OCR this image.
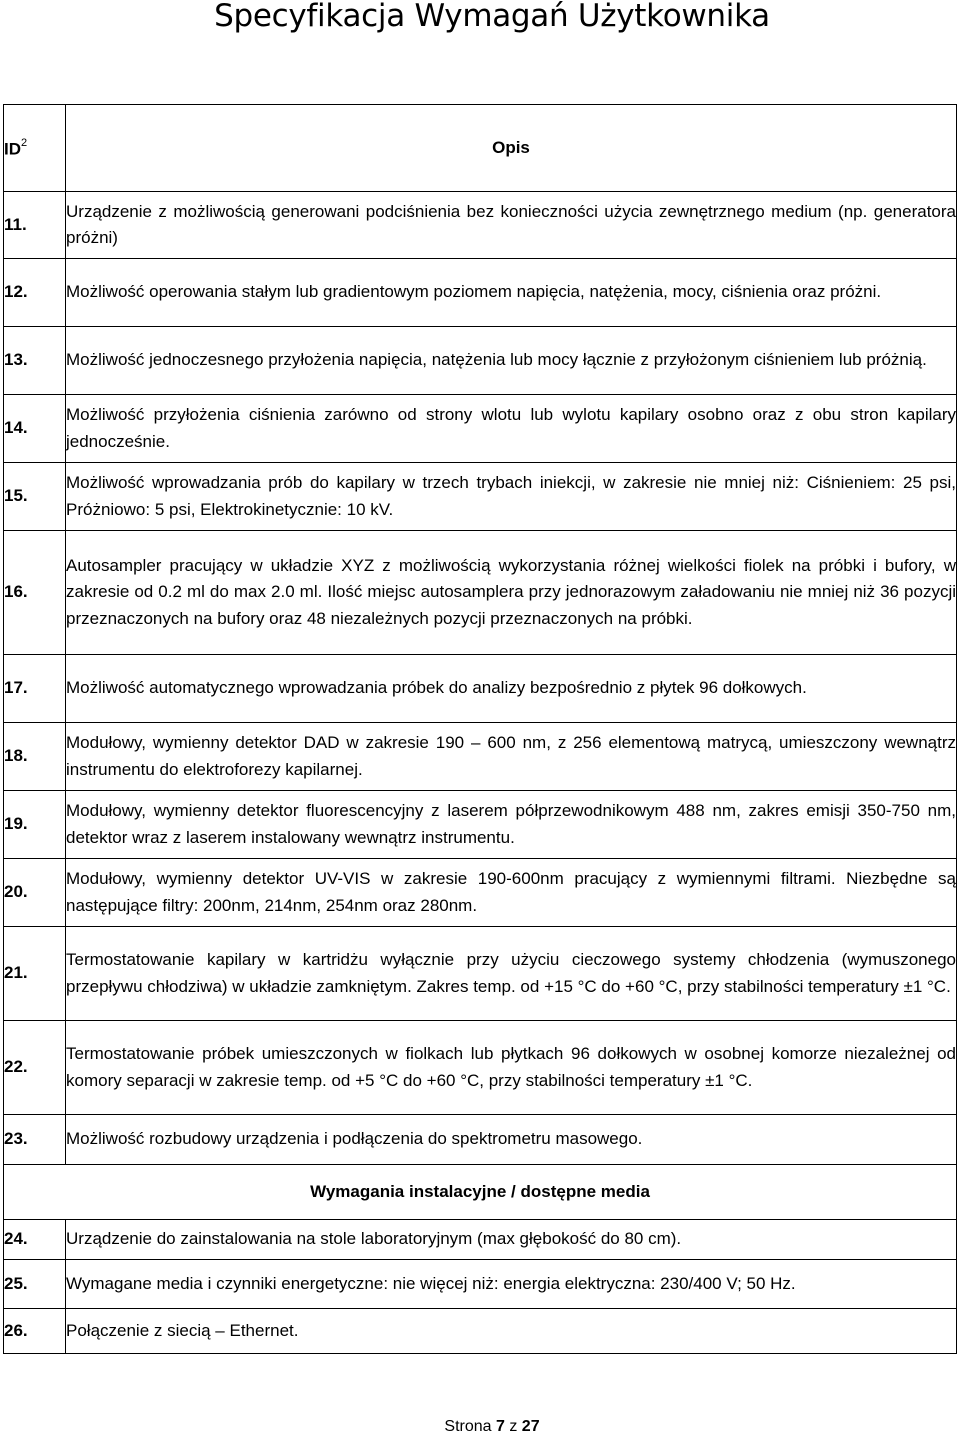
Specyfikacja Wymagań Użytkownika
$ID^2$	Opis
11.	Urządzenie z możliwością generowani podciśnienia bez konieczności użycia zewnętrznego medium (np. generatora próżni)
12.	Możliwość operowania stałym lub gradientowym poziomem napięcia, natężenia, mocy, ciśnienia oraz próżni.
13.	Możliwość jednoczesnego przyłożenia napięcia, natężenia lub mocy łącznie z przyłożonym ciśnieniem lub próżnią.
14.	Możliwość przyłożenia ciśnienia zarówno od strony wlotu lub wylotu kapilary osobno oraz z obu stron kapilary jednocześnie.
15.	Możliwość wprowadzania prób do kapilary w trzech trybach iniekcji, w zakresie nie mniej niż: Ciśnieniem: 25 psi, Próżniowo: 5 psi, Elektrokinetycznie: 10 kV.
16.	Autosampler pracujący w układzie XYZ z możliwością wykorzystania różnej wielkości fiolek na próbki i bufory, w zakresie od 0.2 ml do max 2.0 ml. Ilość miejsc autosamplera przy jednorazowym załadowaniu nie mniej niż 36 pozycji przeznaczonych na bufory oraz 48 niezależnych pozycji przeznaczonych na próbki.
17.	Możliwość automatycznego wprowadzania próbek do analizy bezpośrednio z płytek 96 dołkowych.
18.	Modułowy, wymienny detektor DAD w zakresie 190 – 600 nm, z 256 elementową matrycą, umieszczony wewnątrz instrumentu do elektroforezy kapilarnej.
19.	Modułowy, wymienny detektor fluorescencyjny z laserem półprzewodnikowym 488 nm, zakres emisji 350-750 nm, detektor wraz z laserem instalowany wewnątrz instrumentu.
20.	Modułowy, wymienny detektor UV-VIS w zakresie 190-600nm pracujący z wymiennymi filtrami. Niezbędne są następujące filtry: 200nm, 214nm, 254nm oraz 280nm.
21.	Termostatowanie kapilary w kartridżu wyłącznie przy użyciu cieczowego systemy chłodzenia (wymuszonego przepływu chłodziwa) w układzie zamkniętym. Zakres temp. od +15 °C do +60 °C, przy stabilności temperatury ±1 °C.
22.	Termostatowanie próbek umieszczonych w fiolkach lub płytkach 96 dołkowych w osobnej komorze niezależnej od komory separacji w zakresie temp. od +5 °C do +60 °C, przy stabilności temperatury ±1 °C.
23.	Możliwość rozbudowy urządzenia i podłączenia do spektrometru masowego.
Wymagania instalacyjne / dostępne media	
24.	Urządzenie do zainstalowania na stole laboratoryjnym (max głębokość do 80 cm).
25.	Wymagane media i czynniki energetyczne: nie więcej niż: energia elektryczna: 230/400 V; 50 Hz.
26.	Połączenie z siecią – Ethernet.
Strona 7 z 27
